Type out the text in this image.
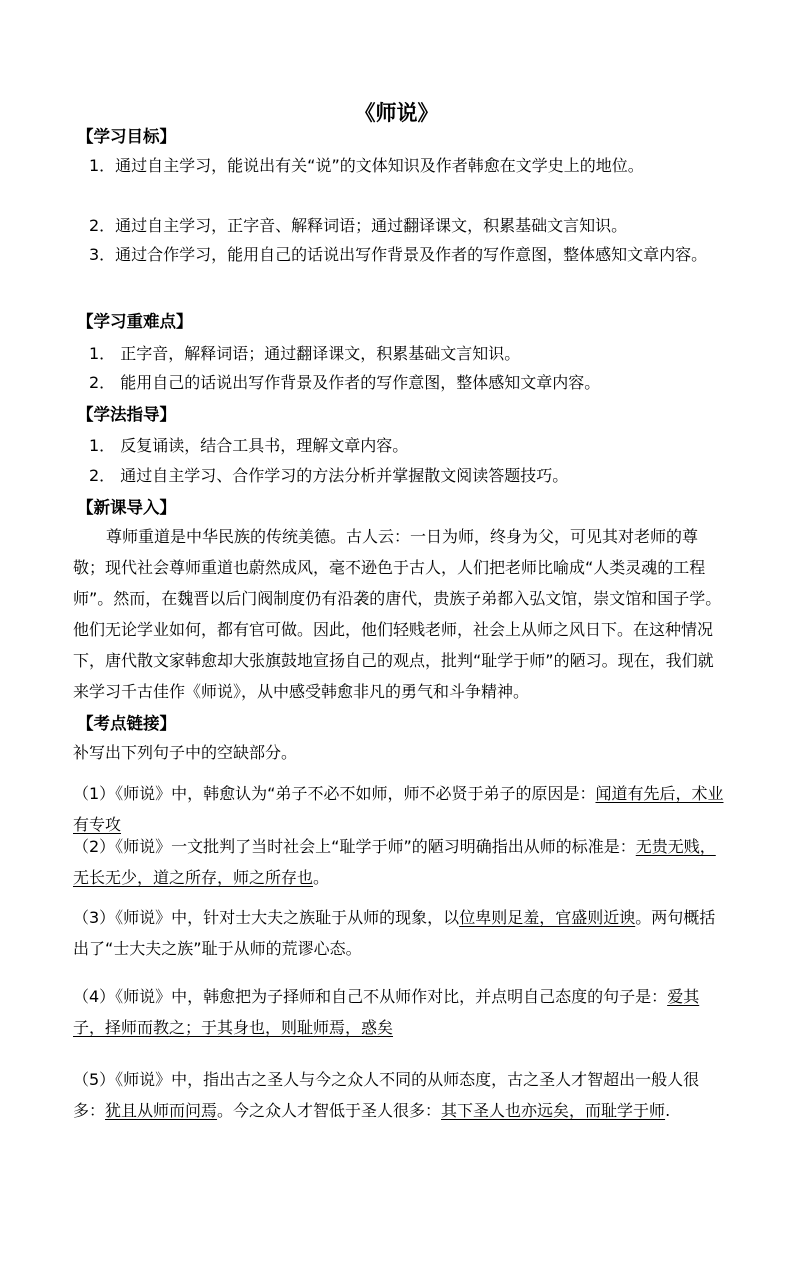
《师说》
【学习目标】

1．通过自主学习，能说出有关“说”的文体知识及作者韩愈在文学史上的地位。

2．通过自主学习，正字音、解释词语；通过翻译课文，积累基础文言知识。

3．通过合作学习，能用自己的话说出写作背景及作者的写作意图，整体感知文章内容。

【学习重难点】

1． 正字音，解释词语；通过翻译课文，积累基础文言知识。

2． 能用自己的话说出写作背景及作者的写作意图，整体感知文章内容。

【学法指导】

1． 反复诵读，结合工具书，理解文章内容。

2． 通过自主学习、合作学习的方法分析并掌握散文阅读答题技巧。

【新课导入】

尊师重道是中华民族的传统美德。古人云：一日为师，终身为父，可见其对老师的尊敬；现代社会尊师重道也蔚然成风，毫不逊色于古人，人们把老师比喻成“人类灵魂的工程师”。然而，在魏晋以后门阀制度仍有沿袭的唐代，贵族子弟都入弘文馆，崇文馆和国子学。他们无论学业如何，都有官可做。因此，他们轻贱老师，社会上从师之风日下。在这种情况下，唐代散文家韩愈却大张旗鼓地宣扬自己的观点，批判“耻学于师”的陋习。现在，我们就来学习千古佳作《师说》，从中感受韩愈非凡的勇气和斗争精神。

【考点链接】

补写出下列句子中的空缺部分。

（1）《师说》中，韩愈认为“弟子不必不如师，师不必贤于弟子的原因是：闻道有先后，术业有专攻

（2）《师说》一文批判了当时社会上“耻学于师”的陋习明确指出从师的标准是：无贵无贱，无长无少，道之所存，师之所存也。

（3）《师说》中，针对士大夫之族耻于从师的现象，以位卑则足羞，官盛则近谀。两句概括出了“士大夫之族”耻于从师的荒谬心态。

（4）《师说》中，韩愈把为子择师和自己不从师作对比，并点明自己态度的句子是：爱其子，择师而教之；于其身也，则耻师焉，惑矣

（5）《师说》中，指出古之圣人与今之众人不同的从师态度，古之圣人才智超出一般人很多：犹且从师而问焉。今之众人才智低于圣人很多：其下圣人也亦远矣，而耻学于师.
